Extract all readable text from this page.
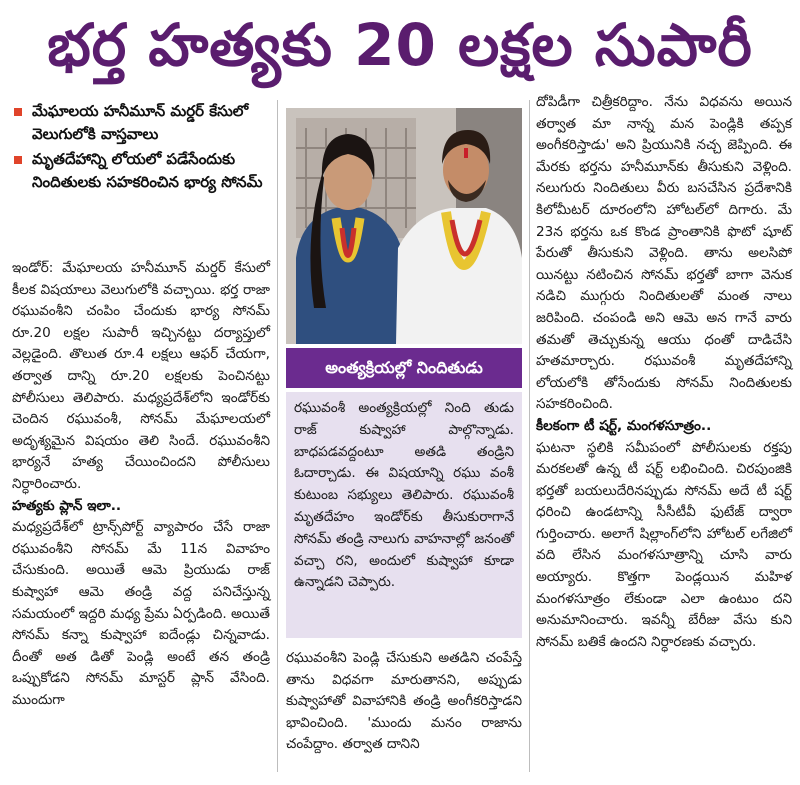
భర్త హత్యకు 20 లక్షల సుపారీ
మేఘాలయ హనీమూన్ మర్డర్ కేసులో వెలుగులోకి వాస్తవాలు
మృతదేహాన్ని లోయలో పడేసేందుకు నిందితులకు సహకరించిన భార్య సోనమ్

ఇండోర్: మేఘాలయ హనీమూన్ మర్డర్ కేసులో కీలక విషయాలు వెలుగులోకి వచ్చాయి. భర్త రాజా రఘువంశీని చంపిం చేందుకు భార్య సోనమ్ రూ.20 లక్షల సుపారీ ఇచ్చినట్టు దర్యాప్తులో వెల్లడైంది. తొలుత రూ.4 లక్షలు ఆఫర్ చేయగా, తర్వాత దాన్ని రూ.20 లక్షలకు పెంచినట్టు పోలీసులు తెలిపారు. మధ్యప్రదేశ్‌లోని ఇండోర్‌కు చెందిన రఘువంశీ, సోనమ్ మేఘాలయలో అదృశ్యమైన విషయం తెలి సిందే. రఘువంశీని భార్యనే హత్య చేయించిందని పోలీసులు నిర్ధారించారు.

హత్యకు ప్లాన్ ఇలా..

మధ్యప్రదేశ్‌లో ట్రాన్స్‌పోర్ట్ వ్యాపారం చేసే రాజా రఘువంశీని సోనమ్ మే 11న వివాహం చేసుకుంది. అయితే ఆమె ప్రియుడు రాజ్ కుష్వాహా ఆమె తండ్రి వద్ద పనిచేస్తున్న సమయంలో ఇద్దరి మధ్య ప్రేమ ఏర్పడింది. అయితే సోనమ్ కన్నా కుష్వాహా ఐదేండ్లు చిన్నవాడు. దీంతో అత డితో పెండ్లి అంటే తన తండ్రి ఒప్పుకోడని సోనమ్ మాస్టర్ ప్లాన్ వేసింది. ముందుగా

అంత్యక్రియల్లో నిందితుడు
రఘువంశీ అంత్యక్రియల్లో నింది తుడు రాజ్ కుష్వాహా పాల్గొన్నాడు. బాధపడవద్దంటూ అతడి తండ్రిని ఓదార్చాడు. ఈ విషయాన్ని రఘు వంశీ కుటుంబ సభ్యులు తెలిపారు. రఘువంశీ మృతదేహం ఇండోర్‌కు తీసుకురాగానే సోనమ్ తండ్రి నాలుగు వాహనాల్లో జనంతో వచ్చా రని, అందులో కుష్వాహా కూడా ఉన్నాడని చెప్పారు.

రఘువంశీని పెండ్లి చేసుకుని అతడిని చంపేస్తే తాను విధవగా మారుతానని, అప్పుడు కుష్వాహాతో వివాహానికి తండ్రి అంగీకరిస్తాడని భావించింది. 'ముందు మనం రాజాను చంపేద్దాం. తర్వాత దానిని

దోపిడీగా చిత్రీకరిద్దాం. నేను విధవను అయిన తర్వాత మా నాన్న మన పెండ్లికి తప్పక అంగీకరిస్తాడు' అని ప్రియునికి నచ్చ జెప్పింది. ఈ మేరకు భర్తను హనీమూన్‌కు తీసుకుని వెళ్లింది. నలుగురు నిందితులు వీరు బసచేసిన ప్రదేశానికి కిలోమీటర్ దూరంలోని హోటల్‌లో దిగారు. మే 23న భర్తను ఒక కొండ ప్రాంతానికి ఫొటో షూట్ పేరుతో తీసుకుని వెళ్లింది. తాను అలసిపో యినట్టు నటించిన సోనమ్ భర్తతో బాగా వెనుక నడిచి ముగ్గురు నిందితులతో మంత నాలు జరిపింది. చంపండి అని ఆమె అన గానే వారు తమతో తెచ్చుకున్న ఆయు ధంతో దాడిచేసి హతమార్చారు. రఘువంశీ మృతదేహాన్ని లోయలోకి తోసేందుకు సోనమ్ నిందితులకు సహకరించింది.

కీలకంగా టీ షర్ట్, మంగళసూత్రం..

ఘటనా స్థలికి సమీపంలో పోలీసులకు రక్తపు మరకలతో ఉన్న టీ షర్ట్ లభించింది. చిరపుంజికి భర్తతో బయలుదేరినప్పుడు సోనమ్ అదే టీ షర్ట్ ధరించి ఉండటాన్ని సీసీటీవీ ఫుటేజ్ ద్వారా గుర్తించారు. అలాగే షిల్లాంగ్‌లోని హోటల్ లగేజిలో వది లేసిన మంగళసూత్రాన్ని చూసి వారు అయ్యారు. కొత్తగా పెండ్లయిన మహిళ మంగళసూత్రం లేకుండా ఎలా ఉంటుం దని అనుమానించారు. ఇవన్నీ బేరీజు వేసు కుని సోనమ్ బతికే ఉందని నిర్ధారణకు వచ్చారు.
